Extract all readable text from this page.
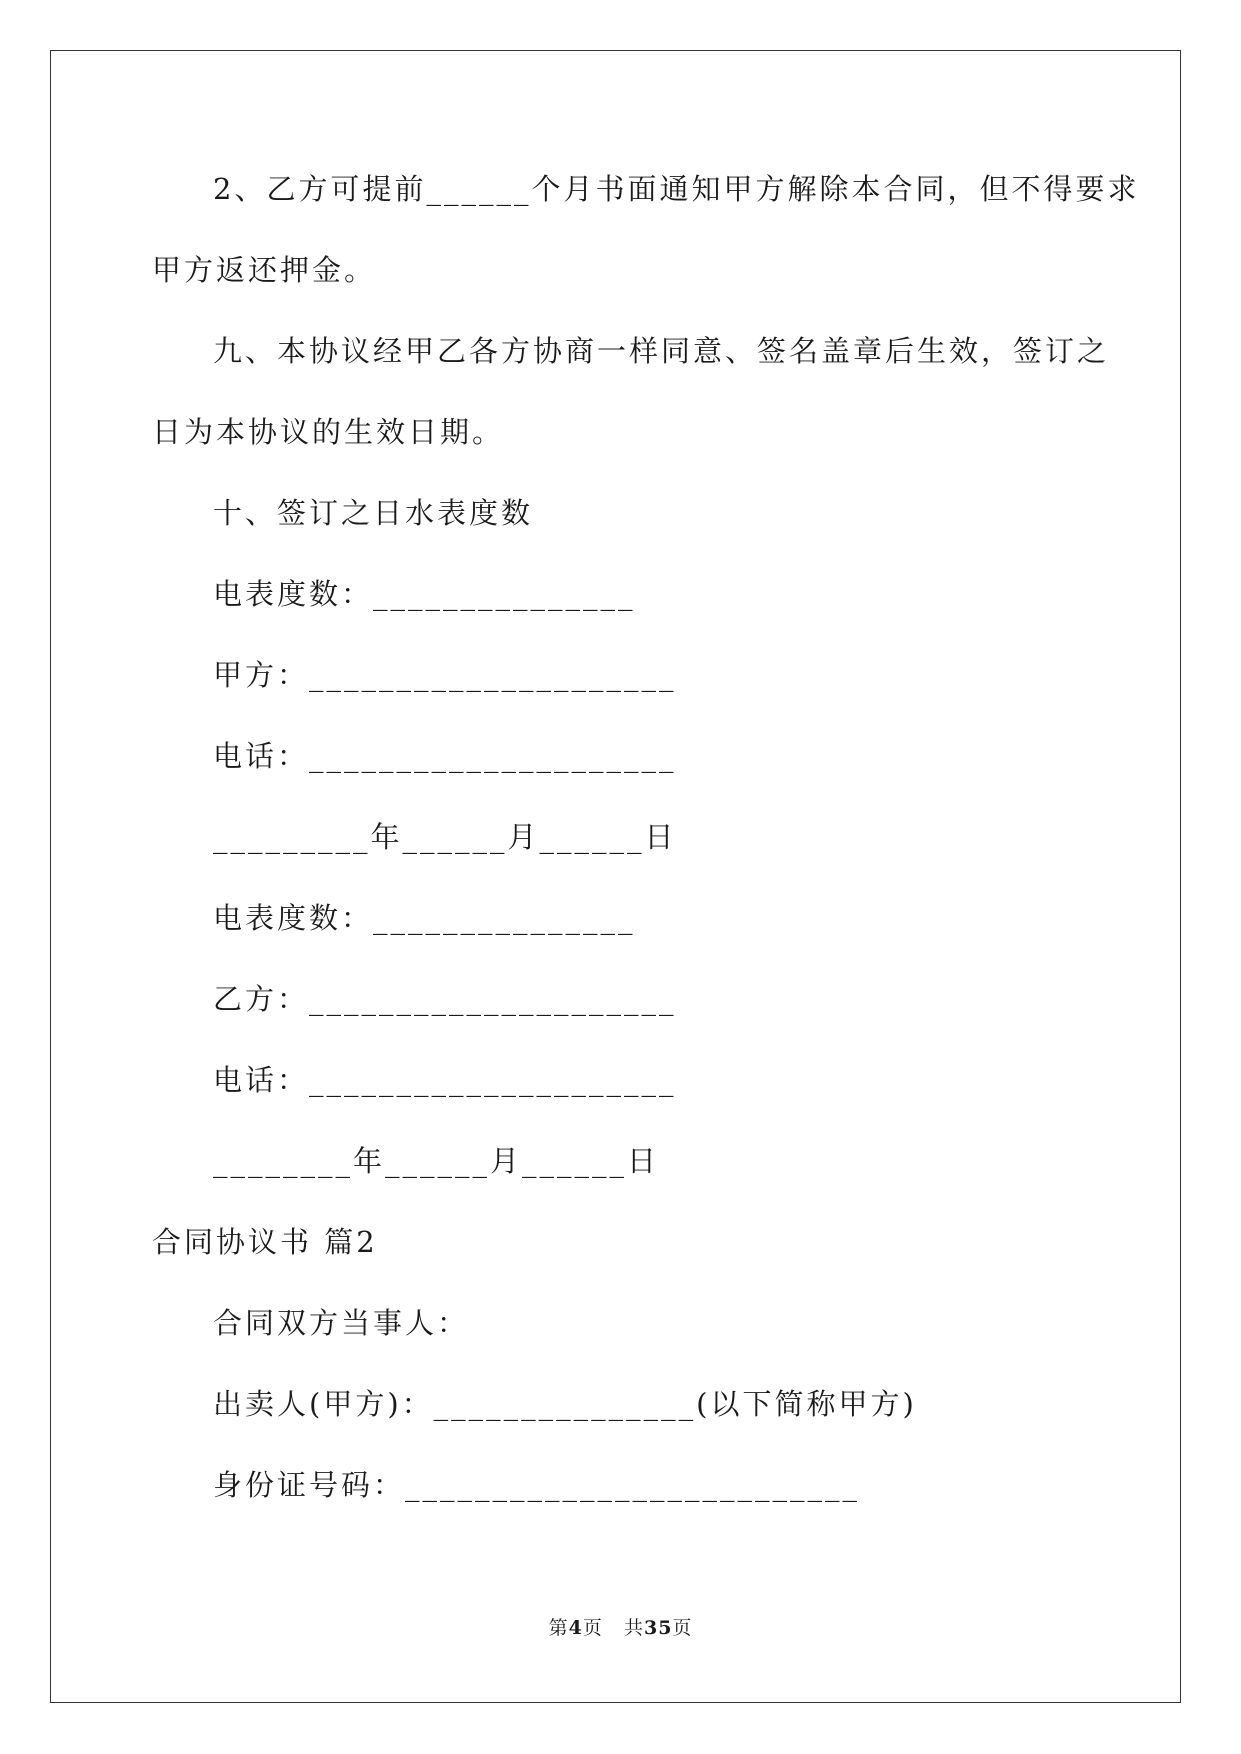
2、乙方可提前______个月书面通知甲方解除本合同，但不得要求
甲方返还押金。
九、本协议经甲乙各方协商一样同意、签名盖章后生效，签订之
日为本协议的生效日期。
十、签订之日水表度数
电表度数：_______________
甲方：_____________________
电话：_____________________
_________年______月______日
电表度数：_______________
乙方：_____________________
电话：_____________________
________年______月______日
合同协议书 篇2
合同双方当事人：
出卖人(甲方)：_______________(以下简称甲方)
身份证号码：__________________________
第4页 共35页
